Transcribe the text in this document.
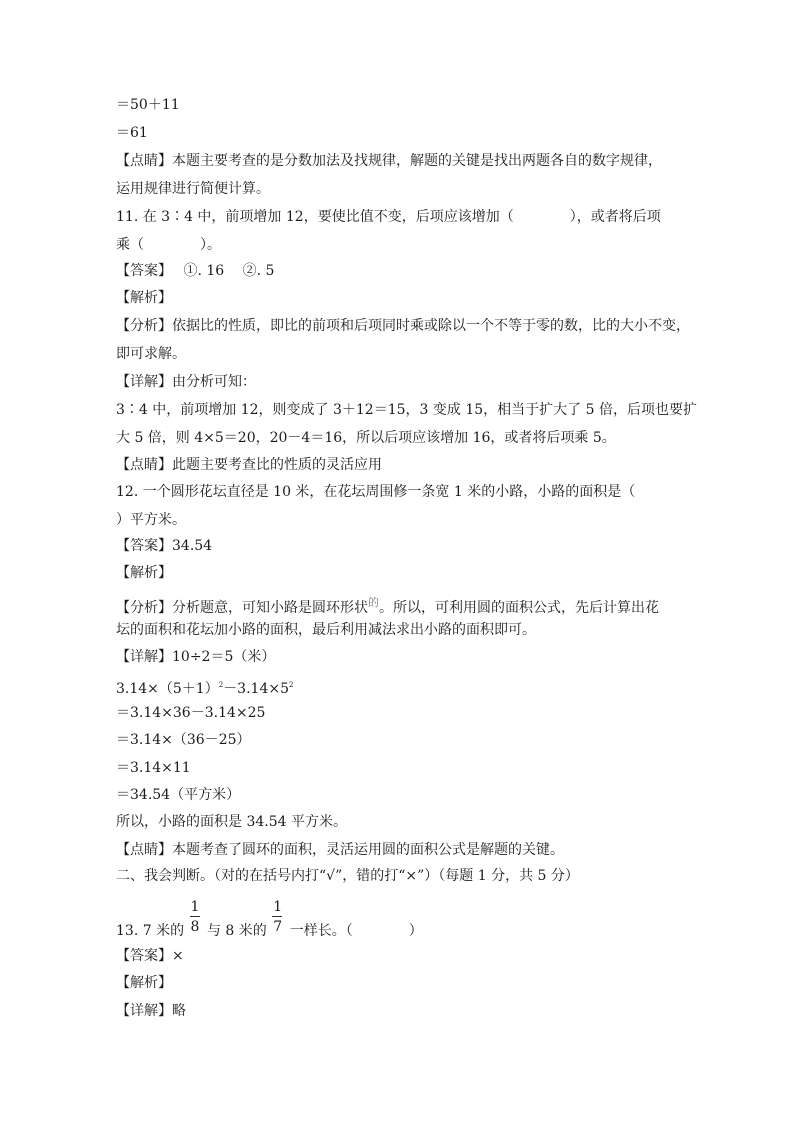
＝50＋11
＝61
【点睛】本题主要考查的是分数加法及找规律，解题的关键是找出两题各自的数字规律，
运用规律进行简便计算。
11. 在 3∶4 中，前项增加 12，要使比值不变，后项应该增加（　　　　），或者将后项
乘（　　　　）。
【答案】　 ①. 16　 ②. 5
【解析】
【分析】依据比的性质，即比的前项和后项同时乘或除以一个不等于零的数，比的大小不变，
即可求解。
【详解】由分析可知：
3∶4 中，前项增加 12，则变成了 3＋12＝15，3 变成 15，相当于扩大了 5 倍，后项也要扩
大 5 倍，则 4×5＝20，20－4＝16，所以后项应该增加 16，或者将后项乘 5。
【点睛】此题主要考查比的性质的灵活应用
12. 一个圆形花坛直径是 10 米，在花坛周围修一条宽 1 米的小路，小路的面积是（
）平方米。
【答案】34.54
【解析】
【分析】分析题意，可知小路是圆环形状$^的$。所以，可利用圆的面积公式，先后计算出花
坛的面积和花坛加小路的面积，最后利用减法求出小路的面积即可。
【详解】10÷2＝5（米）
$3.14\times(5+1)^2-3.14\times 5^2$
＝3.14×36－3.14×25
＝3.14×（36－25）
＝3.14×11
＝34.54（平方米）
所以，小路的面积是 34.54 平方米。
【点睛】本题考查了圆环的面积，灵活运用圆的面积公式是解题的关键。
二、我会判断。（对的在括号内打“√”，错的打“×”）（每题 1 分，共 5 分）
13. 7 米的 $\frac{1}{8}$ 与 8 米的 $\frac{1}{7}$ 一样长。（　　　　）
【答案】×
【解析】
【详解】略
